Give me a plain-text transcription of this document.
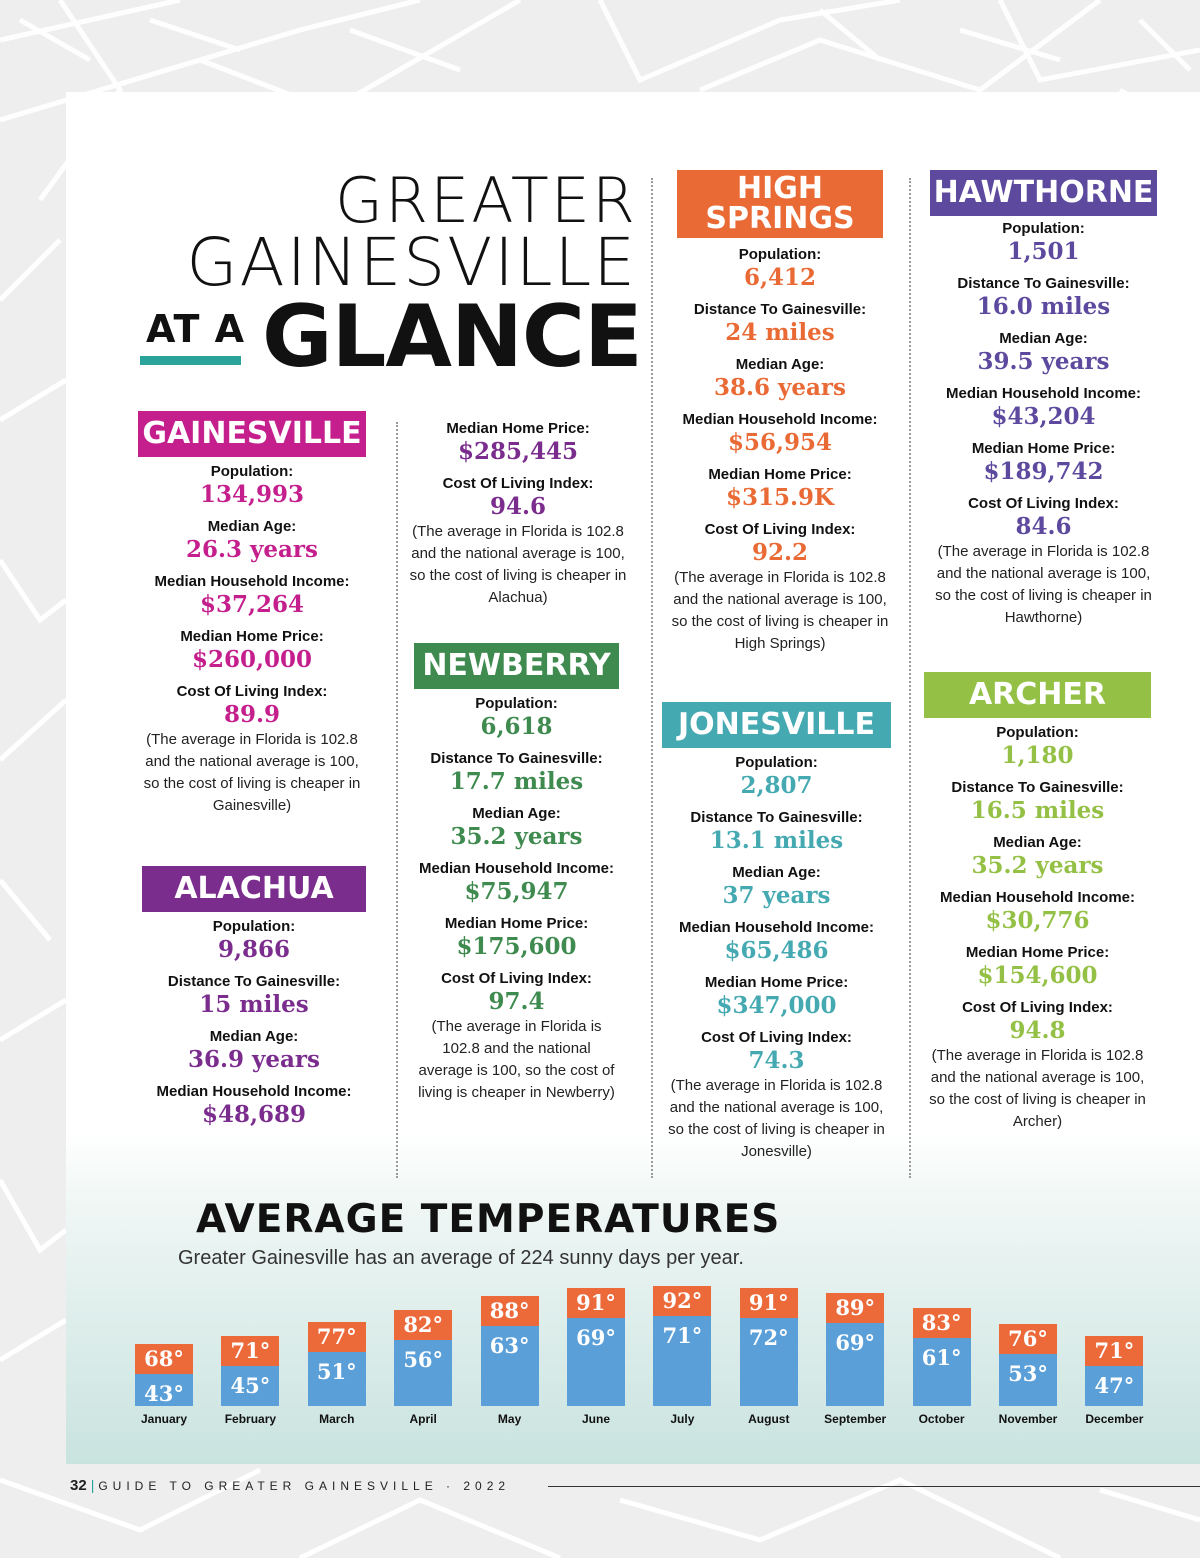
GREATER
GAINESVILLE
AT A GLANCE
GAINESVILLE
Population:
134,993
Median Age:
26.3 years
Median Household Income:
$37,264
Median Home Price:
$260,000
Cost Of Living Index:
89.9
(The average in Florida is 102.8 and the national average is 100, so the cost of living is cheaper in Gainesville)
ALACHUA
Population:
9,866
Distance To Gainesville:
15 miles
Median Age:
36.9 years
Median Household Income:
$48,689
Median Home Price:
$285,445
Cost Of Living Index:
94.6
(The average in Florida is 102.8 and the national average is 100, so the cost of living is cheaper in Alachua)
NEWBERRY
Population:
6,618
Distance To Gainesville:
17.7 miles
Median Age:
35.2 years
Median Household Income:
$75,947
Median Home Price:
$175,600
Cost Of Living Index:
97.4
(The average in Florida is 102.8 and the national average is 100, so the cost of living is cheaper in Newberry)
HIGH
SPRINGS
Population:
6,412
Distance To Gainesville:
24 miles
Median Age:
38.6 years
Median Household Income:
$56,954
Median Home Price:
$315.9K
Cost Of Living Index:
92.2
(The average in Florida is 102.8 and the national average is 100, so the cost of living is cheaper in High Springs)
JONESVILLE
Population:
2,807
Distance To Gainesville:
13.1 miles
Median Age:
37 years
Median Household Income:
$65,486
Median Home Price:
$347,000
Cost Of Living Index:
74.3
(The average in Florida is 102.8 and the national average is 100, so the cost of living is cheaper in Jonesville)
HAWTHORNE
Population:
1,501
Distance To Gainesville:
16.0 miles
Median Age:
39.5 years
Median Household Income:
$43,204
Median Home Price:
$189,742
Cost Of Living Index:
84.6
(The average in Florida is 102.8 and the national average is 100, so the cost of living is cheaper in Hawthorne)
ARCHER
Population:
1,180
Distance To Gainesville:
16.5 miles
Median Age:
35.2 years
Median Household Income:
$30,776
Median Home Price:
$154,600
Cost Of Living Index:
94.8
(The average in Florida is 102.8 and the national average is 100, so the cost of living is cheaper in Archer)
AVERAGE TEMPERATURES
Greater Gainesville has an average of 224 sunny days per year.
68°
43°
January
71°
45°
February
77°
51°
March
82°
56°
April
88°
63°
May
91°
69°
June
92°
71°
July
91°
72°
August
89°
69°
September
83°
61°
October
76°
53°
November
71°
47°
December
32 | GUIDE TO GREATER GAINESVILLE · 2022
